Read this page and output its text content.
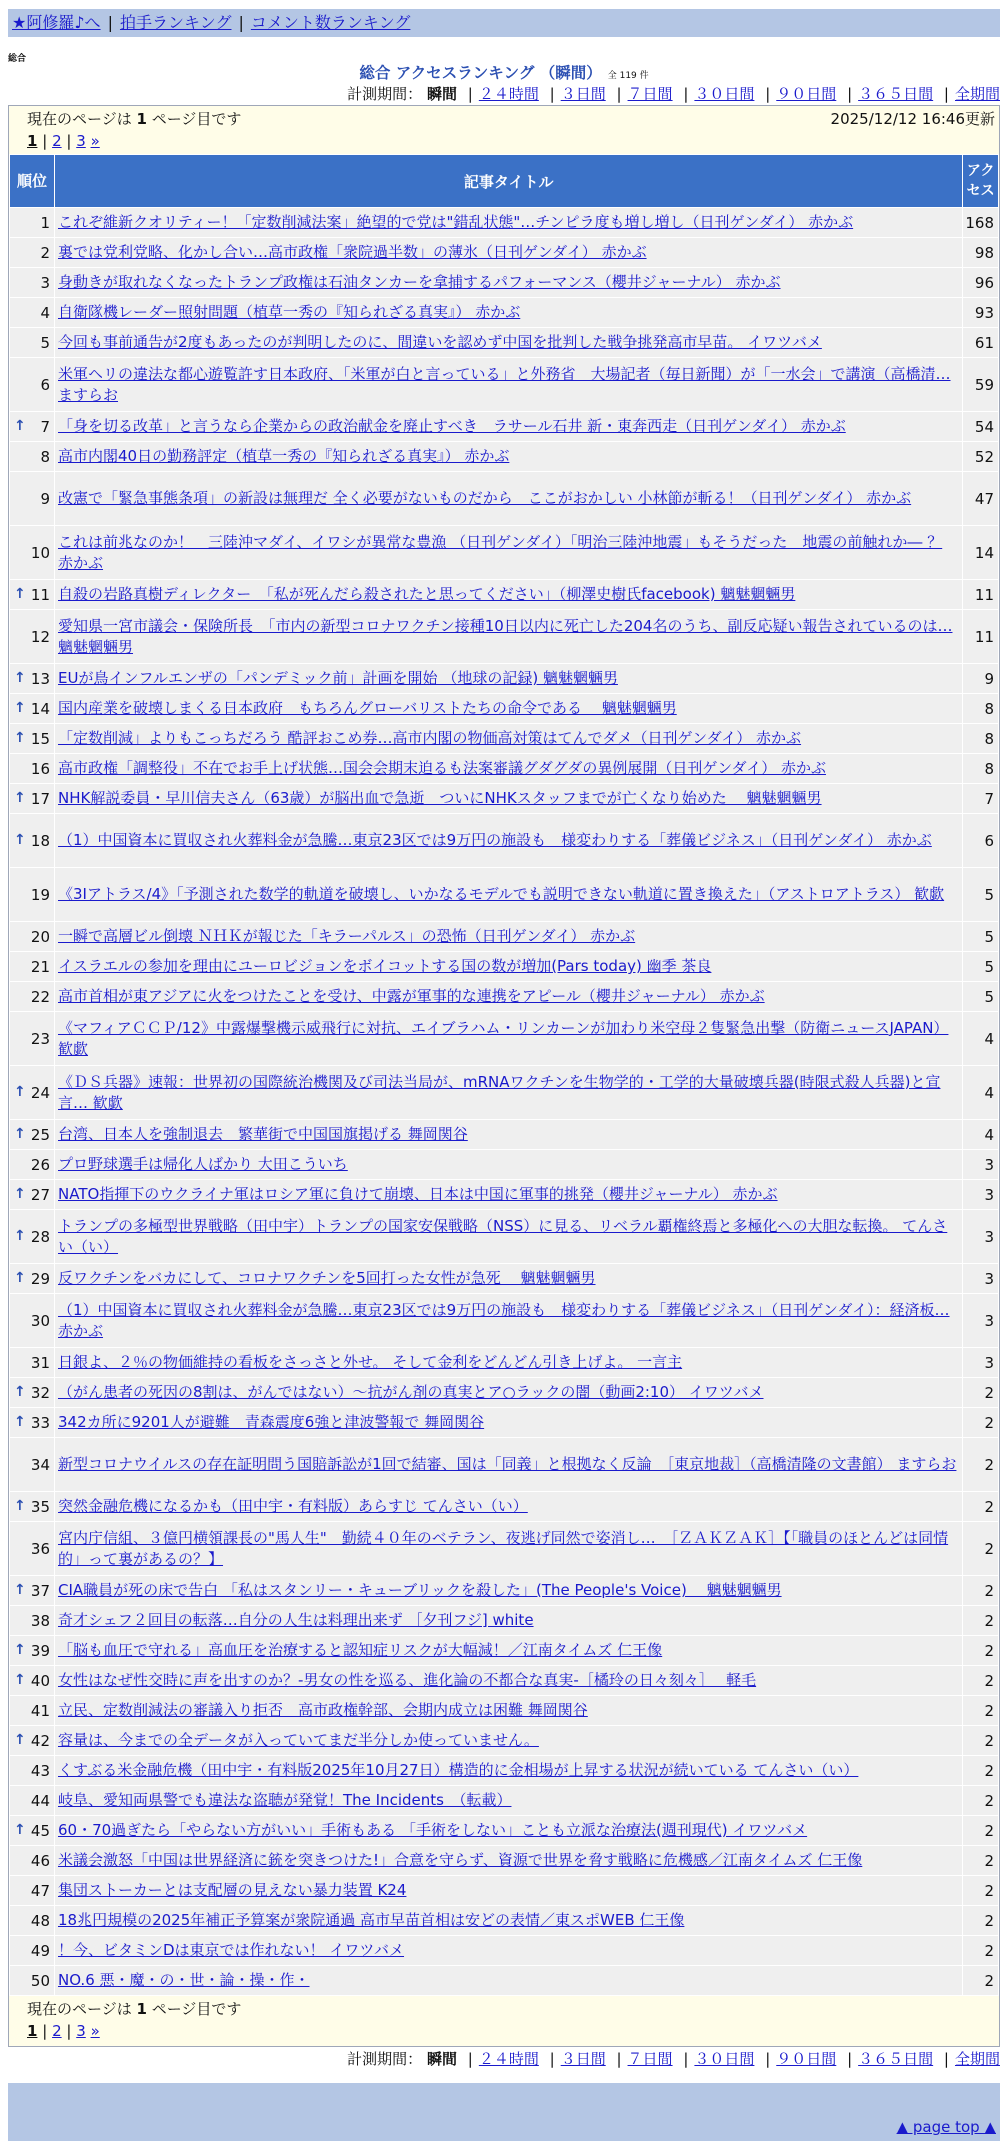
★阿修羅♪へ | 拍手ランキング | コメント数ランキング
総合
総合 アクセスランキング （瞬間） 全 119 件
計測期間： 瞬間 | ２４時間 | ３日間 | ７日間 | ３０日間 | ９０日間 | ３６５日間 | 全期間
現在のページは 1 ページ目です	2025/12/12 16:46更新
1 | 2 | 3 »
順位	記事タイトル	アクセス
1	これぞ維新クオリティー！「定数削減法案」絶望的で党は"錯乱状態"…チンピラ度も増し増し（日刊ゲンダイ） 赤かぶ	168
2	裏では党利党略、化かし合い…高市政権「衆院過半数」の薄氷（日刊ゲンダイ） 赤かぶ	98
3	身動きが取れなくなったトランプ政権は石油タンカーを拿捕するパフォーマンス（櫻井ジャーナル） 赤かぶ	96
4	自衛隊機レーダー照射問題（植草一秀の『知られざる真実』） 赤かぶ	93
5	今回も事前通告が2度もあったのが判明したのに、間違いを認めず中国を批判した戦争挑発高市早苗。 イワツバメ	61
6	米軍ヘリの違法な都心遊覧許す日本政府、「米軍が白と言っている」と外務省　大場記者（毎日新聞）が「一水会」で講演（高橋清… ますらお	59

↑ 7	「身を切る改革」と言うなら企業からの政治献金を廃止すべき　ラサール石井 新・東奔西走（日刊ゲンダイ） 赤かぶ	54
8	高市内閣40日の勤務評定（植草一秀の『知られざる真実』） 赤かぶ	52
9	改憲で「緊急事態条項」の新設は無理だ 全く必要がないものだから　ここがおかしい 小林節が斬る！（日刊ゲンダイ） 赤かぶ	47
10	これは前兆なのか！　三陸沖マダイ、イワシが異常な豊漁 （日刊ゲンダイ）「明治三陸沖地震」もそうだった　地震の前触れか― ？ 赤かぶ	14

↑ 11	自殺の岩路真樹ディレクター　「私が死んだら殺されたと思ってください」（柳澤史樹氏facebook) 魑魅魍魎男	11
12	愛知県一宮市議会・保険所長　「市内の新型コロナワクチン接種10日以内に死亡した204名のうち、副反応疑い報告されているのは… 魑魅魍魎男	11

↑ 13	EUが鳥インフルエンザの「パンデミック前」計画を開始 （地球の記録) 魑魅魍魎男	9

↑ 14	国内産業を破壊しまくる日本政府　もちろんグローバリストたちの命令である　 魑魅魍魎男	8

↑ 15	「定数削減」よりもこっちだろう 酷評おこめ券…高市内閣の物価高対策はてんでダメ（日刊ゲンダイ） 赤かぶ	8
16	高市政権「調整役」不在でお手上げ状態…国会会期末迫るも法案審議グダグダの異例展開（日刊ゲンダイ） 赤かぶ	8

↑ 17	NHK解説委員・早川信夫さん（63歳）が脳出血で急逝　ついにNHKスタッフまでが亡くなり始めた　 魑魅魍魎男	7

↑ 18	（1）中国資本に買収され火葬料金が急騰…東京23区では9万円の施設も　様変わりする「葬儀ビジネス」（日刊ゲンダイ） 赤かぶ	6
19	《3Iアトラス/4》「予測された数学的軌道を破壊し、いかなるモデルでも説明できない軌道に置き換えた」（アストロアトラス） 歓歔	5
20	一瞬で高層ビル倒壊 ＮＨＫが報じた「キラーパルス」の恐怖（日刊ゲンダイ） 赤かぶ	5
21	イスラエルの参加を理由にユーロビジョンをボイコットする国の数が増加(Pars today) 幽季 茶良	5
22	高市首相が東アジアに火をつけたことを受け、中露が軍事的な連携をアピール（櫻井ジャーナル） 赤かぶ	5
23	《マフィアＣＣＰ/12》中露爆撃機示威飛行に対抗、エイブラハム・リンカーンが加わり米空母２隻緊急出撃（防衛ニュースJAPAN） 歓歔	4

↑ 24	《ＤＳ兵器》速報：世界初の国際統治機関及び司法当局が、mRNAワクチンを生物学的・工学的大量破壊兵器(時限式殺人兵器)と宣言… 歓歔	4

↑ 25	台湾、日本人を強制退去　繁華街で中国国旗掲げる 舞岡関谷	4
26	プロ野球選手は帰化人ばかり 大田こういち	3

↑ 27	NATO指揮下のウクライナ軍はロシア軍に負けて崩壊、日本は中国に軍事的挑発（櫻井ジャーナル） 赤かぶ	3

↑ 28	トランプの多極型世界戦略（田中宇）トランプの国家安保戦略（NSS）に見る、リベラル覇権終焉と多極化への大胆な転換。 てんさい（い）	3

↑ 29	反ワクチンをバカにして、コロナワクチンを5回打った女性が急死　 魑魅魍魎男	3
30	（1）中国資本に買収され火葬料金が急騰…東京23区では9万円の施設も　様変わりする「葬儀ビジネス」（日刊ゲンダイ）：経済板… 赤かぶ	3
31	日銀よ、２％の物価維持の看板をさっさと外せ。 そして金利をどんどん引き上げよ。 一言主	3

↑ 32	（がん患者の死因の8割は、がんではない）～抗がん剤の真実とア○ラックの闇（動画2:10） イワツバメ	2

↑ 33	342カ所に9201人が避難　青森震度6強と津波警報で 舞岡関谷	2
34	新型コロナウイルスの存在証明問う国賠訴訟が1回で結審、国は「同義」と根拠なく反論　［東京地裁］（高橋清隆の文書館） ますらお	2

↑ 35	突然金融危機になるかも（田中宇・有料版）あらすじ てんさい（い）	2
36	宮内庁信組、３億円横領課長の"馬人生"　勤続４０年のベテラン、夜逃げ同然で姿消し…　［ＺＡＫＺＡＫ］【「職員のほとんどは同情的」って裏があるの？】	2

↑ 37	CIA職員が死の床で告白 「私はスタンリー・キューブリックを殺した」(The People's Voice)　 魑魅魍魎男	2
38	奇才シェフ２回目の転落…自分の人生は料理出来ず ［夕刊フジ] white	2

↑ 39	「脳も血圧で守れる」高血圧を治療すると認知症リスクが大幅減！／江南タイムズ 仁王像	2

↑ 40	女性はなぜ性交時に声を出すのか？-男女の性を巡る、進化論の不都合な真実-［橘玲の日々刻々］　 軽毛	2
41	立民、定数削減法の審議入り拒否　高市政権幹部、会期内成立は困難 舞岡関谷	2

↑ 42	容量は、今までの全データが入っていてまだ半分しか使っていません。	2
43	くすぶる米金融危機（田中宇・有料版2025年10月27日）構造的に金相場が上昇する状況が続いている てんさい（い）	2
44	岐阜、愛知両県警でも違法な盗聴が発覚！The Incidents　（転載）	2

↑ 45	60・70過ぎたら「やらない方がいい」手術もある 「手術をしない」ことも立派な治療法(週刊現代) イワツバメ	2
46	米議会激怒「中国は世界経済に銃を突きつけた!」合意を守らず、資源で世界を脅す戦略に危機感／江南タイムズ 仁王像	2
47	集団ストーカーとは支配層の見えない暴力装置 K24	2
48	18兆円規模の2025年補正予算案が衆院通過 高市早苗首相は安どの表情／東スポWEB 仁王像	2
49	！今、ビタミンDは東京では作れない！ イワツバメ	2
50	NO.6 悪・魔・の・世・論・操・作・	2
現在のページは 1 ページ目です
1 | 2 | 3 »
計測期間： 瞬間 | ２４時間 | ３日間 | ７日間 | ３０日間 | ９０日間 | ３６５日間 | 全期間
▲ page top ▲
